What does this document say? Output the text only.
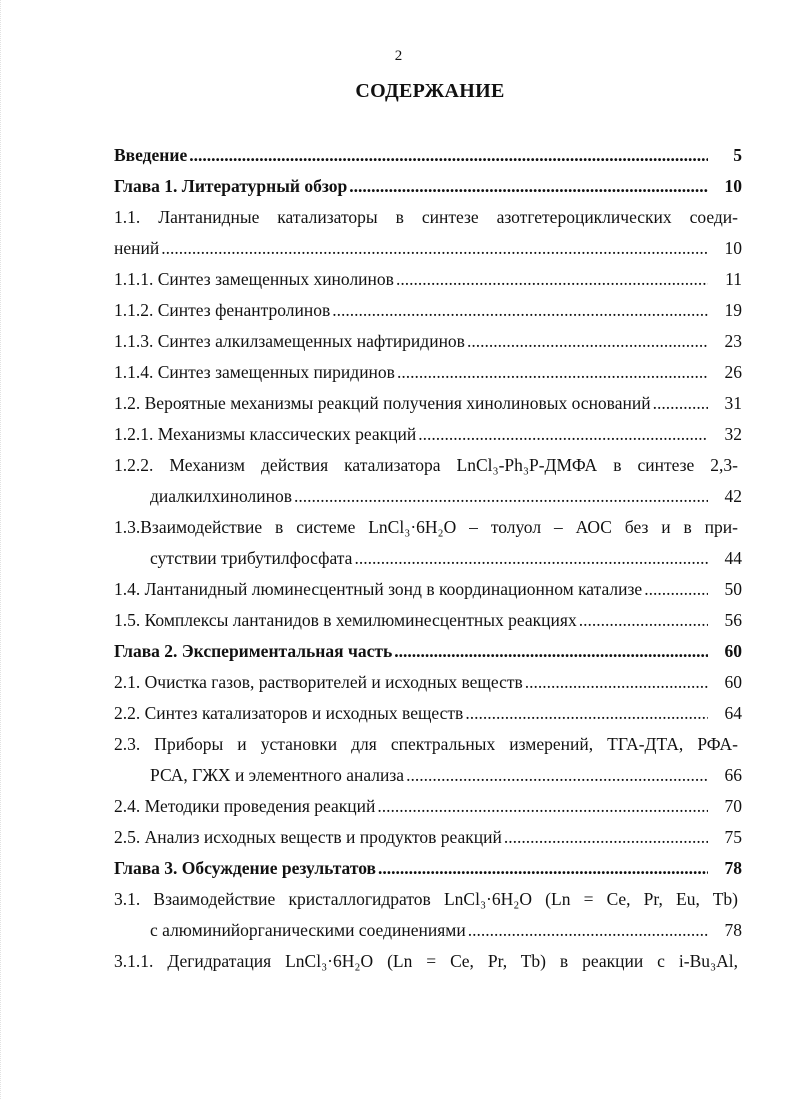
2
СОДЕРЖАНИЕ
Введение .....	5
Глава 1. Литературный обзор .....	10
1.1. Лантанидные катализаторы в синтезе азотгетероциклических соеди-
нений .....	10
1.1.1. Синтез замещенных хинолинов .....	11
1.1.2. Синтез фенантролинов .....	19
1.1.3. Синтез алкилзамещенных нафтиридинов .....	23
1.1.4. Синтез замещенных пиридинов .....	26
1.2. Вероятные механизмы реакций получения хинолиновых оснований .....	31
1.2.1. Механизмы классических реакций .....	32
1.2.2. Механизм действия катализатора LnCl₃-Ph₃P-ДМФА в синтезе 2,3-
диалкилхинолинов .....	42
1.3.Взаимодействие в системе LnCl₃·6H₂O – толуол – АОС без и в при-
сутствии трибутилфосфата .....	44
1.4. Лантанидный люминесцентный зонд в координационном катализе .....	50
1.5. Комплексы лантанидов в хемилюминесцентных реакциях .....	56
Глава 2. Экспериментальная часть .....	60
2.1. Очистка газов, растворителей и исходных веществ .....	60
2.2. Синтез катализаторов и исходных веществ .....	64
2.3. Приборы и установки для спектральных измерений, ТГА-ДТА, РФА-
РСА, ГЖХ и элементного анализа .....	66
2.4. Методики проведения реакций .....	70
2.5. Анализ исходных веществ и продуктов реакций .....	75
Глава 3. Обсуждение результатов .....	78
3.1. Взаимодействие кристаллогидратов LnCl₃·6H₂O (Ln = Ce, Pr, Eu, Tb)
с алюминийорганическими соединениями .....	78
3.1.1. Дегидратация LnCl₃·6H₂O (Ln = Ce, Pr, Tb) в реакции с i-Bu₃Al,
